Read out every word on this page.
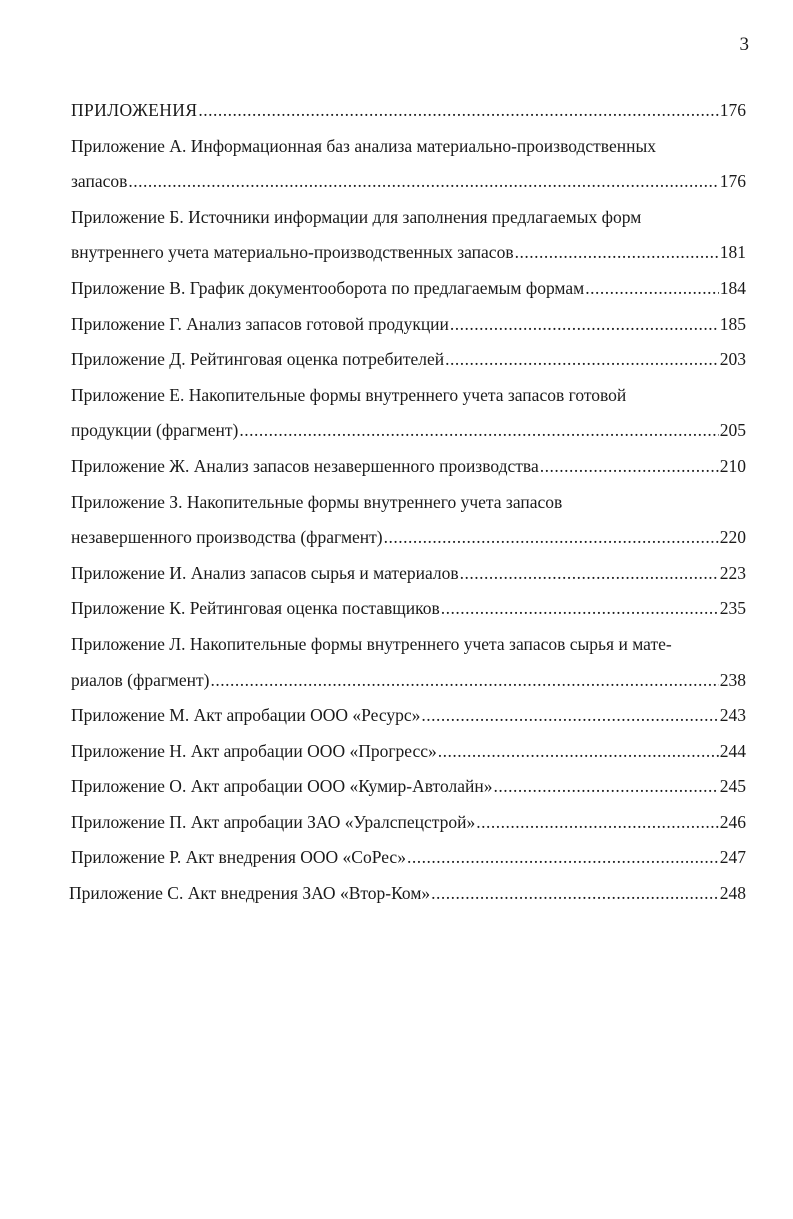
3
ПРИЛОЖЕНИЯ .....	176
Приложение А. Информационная баз анализа материально-производственных
запасов .....	176
Приложение Б. Источники информации для заполнения предлагаемых форм
внутреннего учета материально-производственных запасов .....	181
Приложение В. График документооборота по предлагаемым формам .....	184
Приложение Г. Анализ запасов готовой продукции .....	185
Приложение Д. Рейтинговая оценка потребителей .....	203
Приложение Е. Накопительные формы внутреннего учета запасов готовой
продукции (фрагмент) .....	205
Приложение Ж. Анализ запасов незавершенного производства .....	210
Приложение З. Накопительные формы внутреннего учета запасов
незавершенного производства (фрагмент) .....	220
Приложение И. Анализ запасов сырья и материалов .....	223
Приложение К. Рейтинговая оценка поставщиков .....	235
Приложение Л. Накопительные формы внутреннего учета запасов сырья и мате-
риалов (фрагмент) .....	238
Приложение М. Акт апробации ООО «Ресурс» .....	243
Приложение Н. Акт апробации ООО «Прогресс» .....	244
Приложение О. Акт апробации ООО «Кумир-Автолайн» .....	245
Приложение П. Акт апробации ЗАО «Уралспецстрой» .....	246
Приложение Р. Акт внедрения ООО «СоРес» .....	247
Приложение С. Акт внедрения ЗАО «Втор-Ком» .....	248
